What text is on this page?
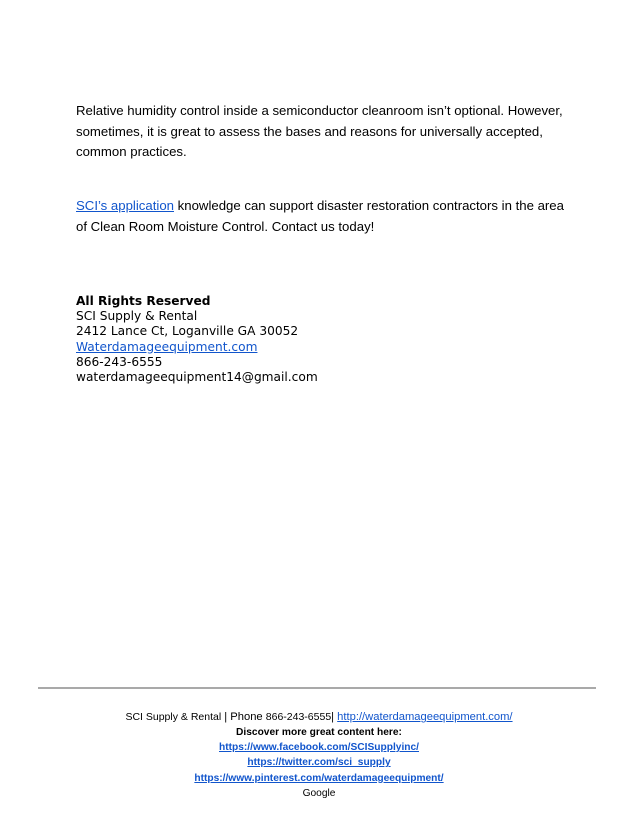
Relative humidity control inside a semiconductor cleanroom isn’t optional. However, sometimes, it is great to assess the bases and reasons for universally accepted, common practices.

SCI’s application knowledge can support disaster restoration contractors in the area of Clean Room Moisture Control. Contact us today!

All Rights Reserved
SCI Supply & Rental
2412 Lance Ct, Loganville GA 30052
Waterdamageequipment.com
866-243-6555
waterdamageequipment14@gmail.com
SCI Supply & Rental | Phone 866-243-6555| http://waterdamageequipment.com/
Discover more great content here:
https://www.facebook.com/SCISupplyinc/
https://twitter.com/sci_supply
https://www.pinterest.com/waterdamageequipment/
Google
